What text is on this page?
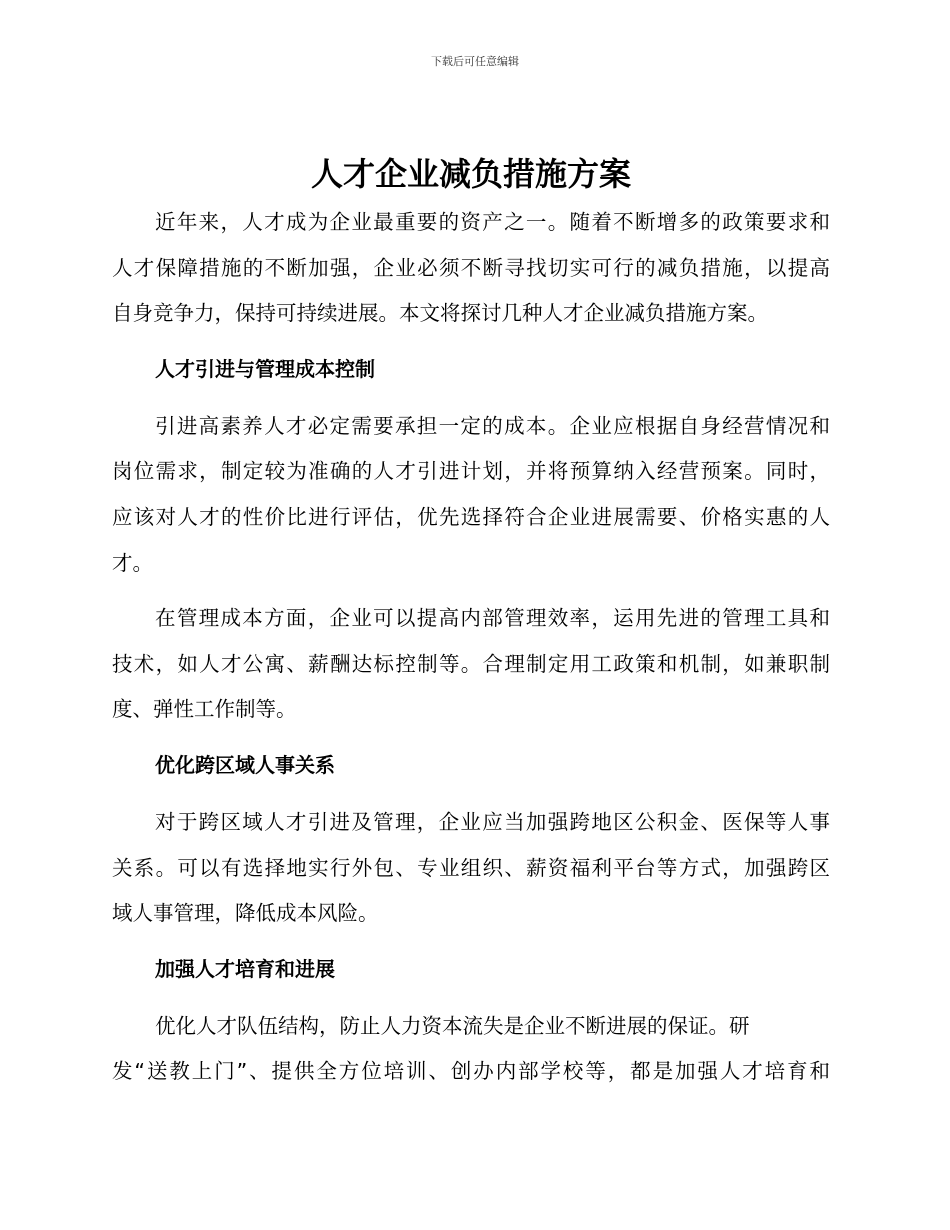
下载后可任意编辑
人才企业减负措施方案
近年来，人才成为企业最重要的资产之一。随着不断增多的政策要求和
人才保障措施的不断加强，企业必须不断寻找切实可行的减负措施，以提高
自身竞争力，保持可持续进展。本文将探讨几种人才企业减负措施方案。
人才引进与管理成本控制
引进高素养人才必定需要承担一定的成本。企业应根据自身经营情况和
岗位需求，制定较为准确的人才引进计划，并将预算纳入经营预案。同时，
应该对人才的性价比进行评估，优先选择符合企业进展需要、价格实惠的人
才。
在管理成本方面，企业可以提高内部管理效率，运用先进的管理工具和
技术，如人才公寓、薪酬达标控制等。合理制定用工政策和机制，如兼职制
度、弹性工作制等。
优化跨区域人事关系
对于跨区域人才引进及管理，企业应当加强跨地区公积金、医保等人事
关系。可以有选择地实行外包、专业组织、薪资福利平台等方式，加强跨区
域人事管理，降低成本风险。
加强人才培育和进展
优化人才队伍结构，防止人力资本流失是企业不断进展的保证。研
发“送教上门”、提供全方位培训、创办内部学校等，都是加强人才培育和
